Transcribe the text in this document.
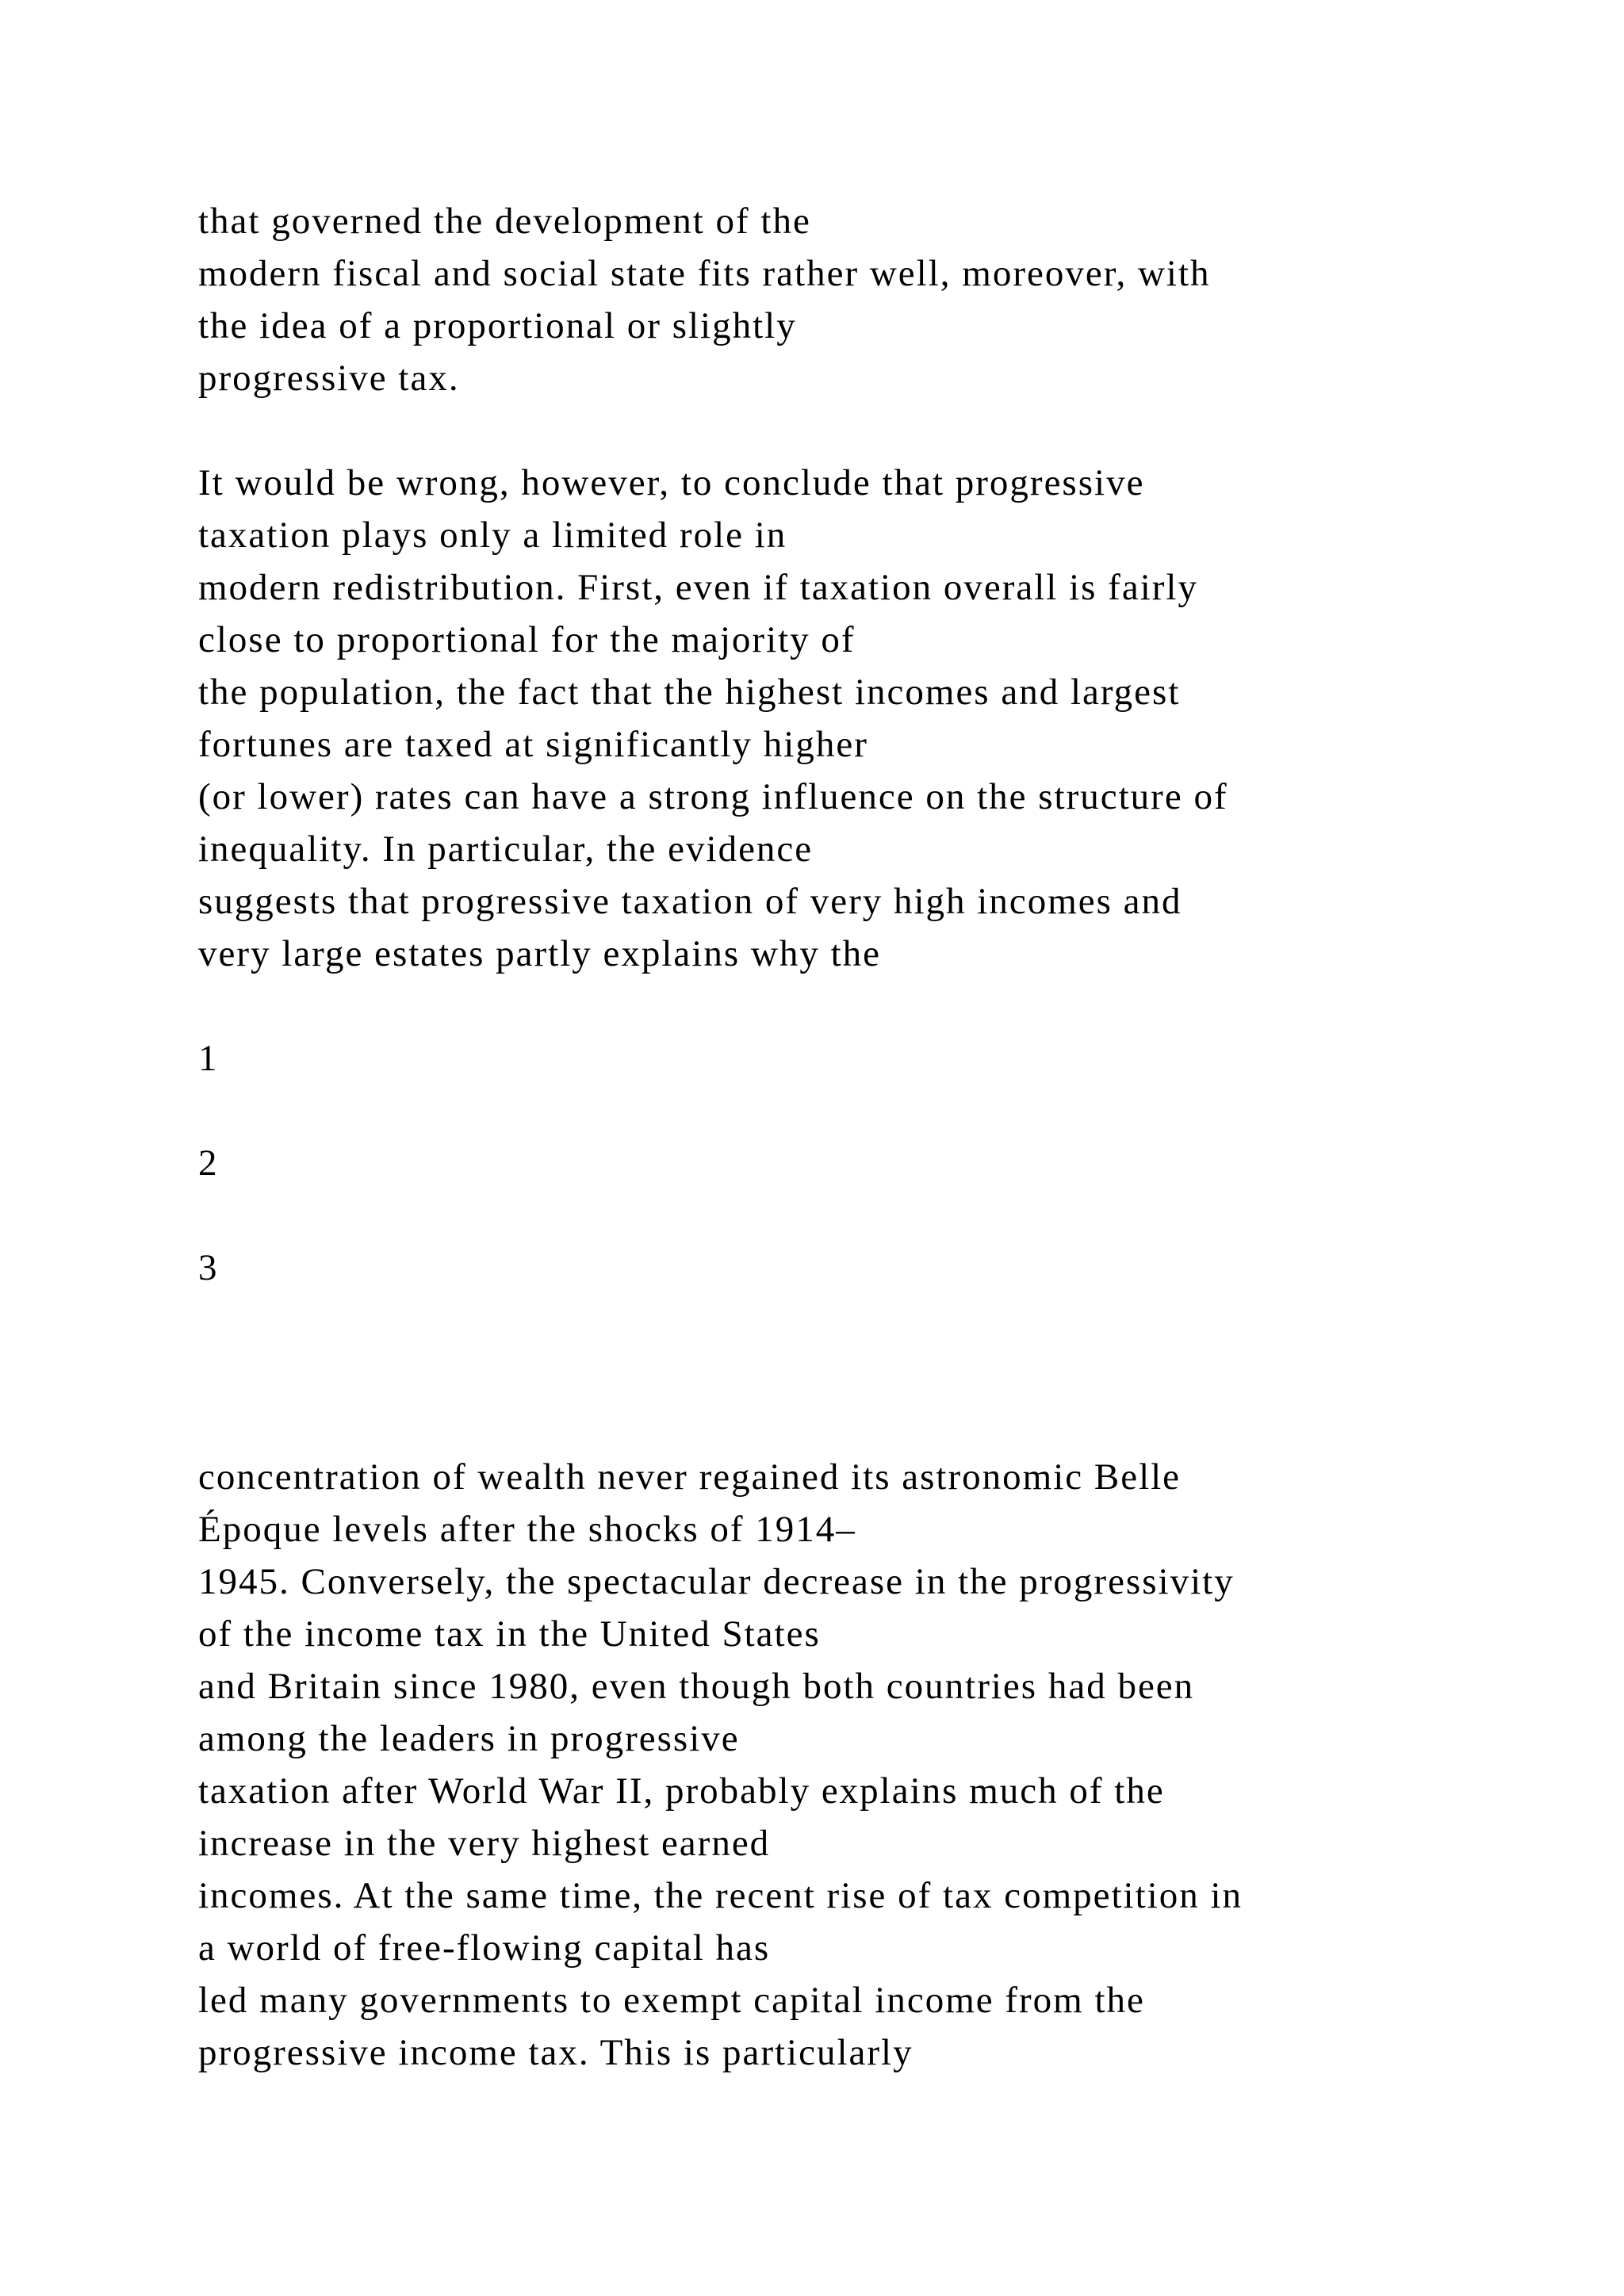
that governed the development of the

modern fiscal and social state fits rather well, moreover, with

the idea of a proportional or slightly

progressive tax.

It would be wrong, however, to conclude that progressive

taxation plays only a limited role in

modern redistribution. First, even if taxation overall is fairly

close to proportional for the majority of

the population, the fact that the highest incomes and largest

fortunes are taxed at significantly higher

(or lower) rates can have a strong influence on the structure of

inequality. In particular, the evidence

suggests that progressive taxation of very high incomes and

very large estates partly explains why the

1

2

3

concentration of wealth never regained its astronomic Belle

Époque levels after the shocks of 1914–

1945. Conversely, the spectacular decrease in the progressivity

of the income tax in the United States

and Britain since 1980, even though both countries had been

among the leaders in progressive

taxation after World War II, probably explains much of the

increase in the very highest earned

incomes. At the same time, the recent rise of tax competition in

a world of free-flowing capital has

led many governments to exempt capital income from the

progressive income tax. This is particularly
